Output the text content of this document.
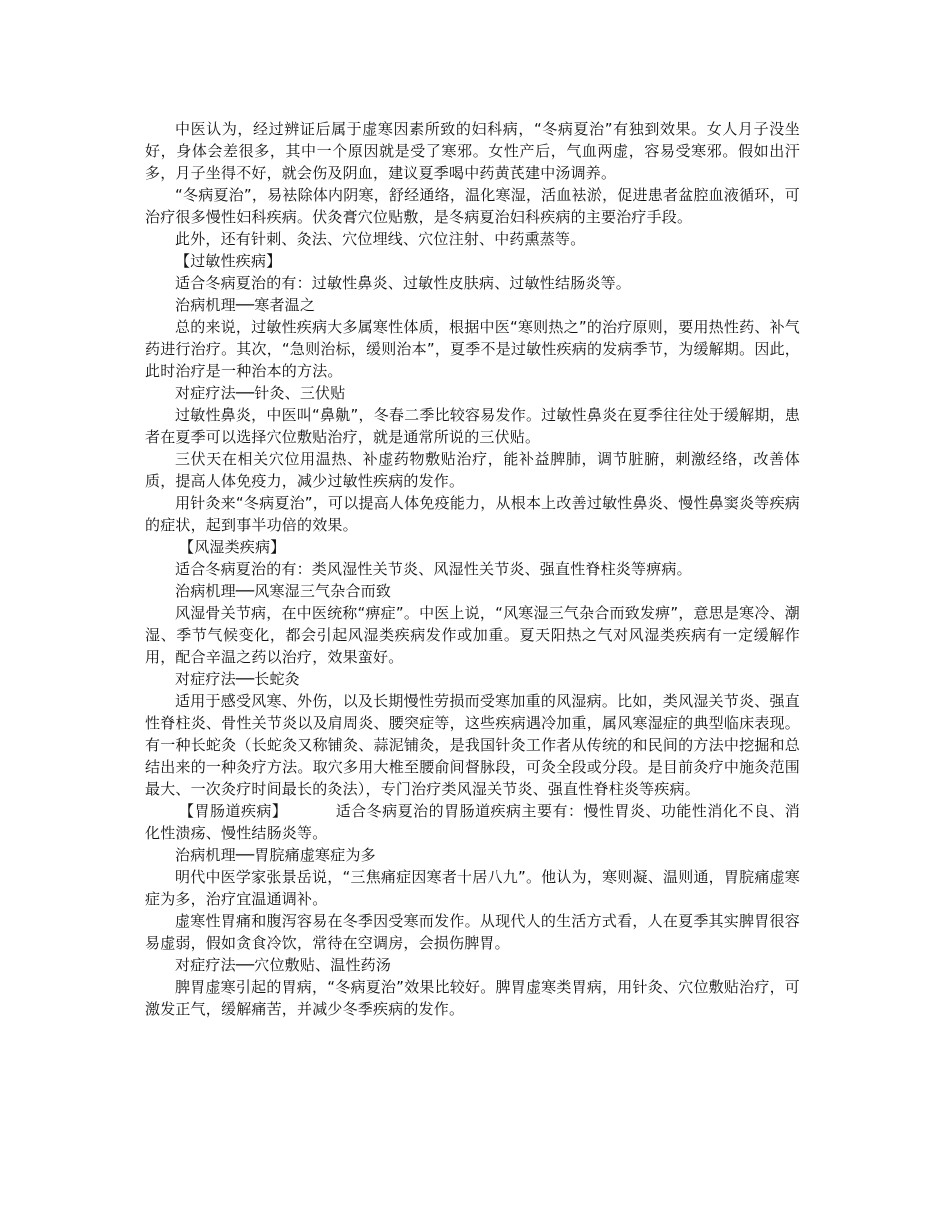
中医认为，经过辨证后属于虚寒因素所致的妇科病，“冬病夏治”有独到效果。女人月子没坐好，身体会差很多，其中一个原因就是受了寒邪。女性产后，气血两虚，容易受寒邪。假如出汗多，月子坐得不好，就会伤及阴血，建议夏季喝中药黄芪建中汤调养。

“冬病夏治”，易袪除体内阴寒，舒经通络，温化寒湿，活血袪淤，促进患者盆腔血液循环，可治疗很多慢性妇科疾病。伏灸膏穴位贴敷，是冬病夏治妇科疾病的主要治疗手段。

此外，还有针刺、灸法、穴位埋线、穴位注射、中药熏蒸等。

【过敏性疾病】

适合冬病夏治的有：过敏性鼻炎、过敏性皮肤病、过敏性结肠炎等。

治病机理──寒者温之

总的来说，过敏性疾病大多属寒性体质，根据中医“寒则热之”的治疗原则，要用热性药、补气药进行治疗。其次，“急则治标，缓则治本”，夏季不是过敏性疾病的发病季节，为缓解期。因此，此时治疗是一种治本的方法。

对症疗法──针灸、三伏贴

过敏性鼻炎，中医叫“鼻鼽”，冬春二季比较容易发作。过敏性鼻炎在夏季往往处于缓解期，患者在夏季可以选择穴位敷贴治疗，就是通常所说的三伏贴。

三伏天在相关穴位用温热、补虚药物敷贴治疗，能补益脾肺，调节脏腑，刺激经络，改善体质，提高人体免疫力，减少过敏性疾病的发作。

用针灸来“冬病夏治”，可以提高人体免疫能力，从根本上改善过敏性鼻炎、慢性鼻窦炎等疾病的症状，起到事半功倍的效果。

【风湿类疾病】

适合冬病夏治的有：类风湿性关节炎、风湿性关节炎、强直性脊柱炎等痹病。

治病机理──风寒湿三气杂合而致

风湿骨关节病，在中医统称“痹症”。中医上说，“风寒湿三气杂合而致发痹”，意思是寒冷、潮湿、季节气候变化，都会引起风湿类疾病发作或加重。夏天阳热之气对风湿类疾病有一定缓解作用，配合辛温之药以治疗，效果蛮好。

对症疗法──长蛇灸

适用于感受风寒、外伤，以及长期慢性劳损而受寒加重的风湿病。比如，类风湿关节炎、强直性脊柱炎、骨性关节炎以及肩周炎、腰突症等，这些疾病遇冷加重，属风寒湿症的典型临床表现。有一种长蛇灸（长蛇灸又称铺灸、蒜泥铺灸，是我国针灸工作者从传统的和民间的方法中挖掘和总结出来的一种灸疗方法。取穴多用大椎至腰俞间督脉段，可灸全段或分段。是目前灸疗中施灸范围最大、一次灸疗时间最长的灸法），专门治疗类风湿关节炎、强直性脊柱炎等疾病。

【胃肠道疾病】	适合冬病夏治的胃肠道疾病主要有：慢性胃炎、功能性消化不良、消化性溃疡、慢性结肠炎等。

治病机理──胃脘痛虚寒症为多

明代中医学家张景岳说，“三焦痛症因寒者十居八九”。他认为，寒则凝、温则通，胃脘痛虚寒症为多，治疗宜温通调补。

虚寒性胃痛和腹泻容易在冬季因受寒而发作。从现代人的生活方式看，人在夏季其实脾胃很容易虚弱，假如贪食冷饮，常待在空调房，会损伤脾胃。

对症疗法──穴位敷贴、温性药汤

脾胃虚寒引起的胃病，“冬病夏治”效果比较好。脾胃虚寒类胃病，用针灸、穴位敷贴治疗，可激发正气，缓解痛苦，并减少冬季疾病的发作。
